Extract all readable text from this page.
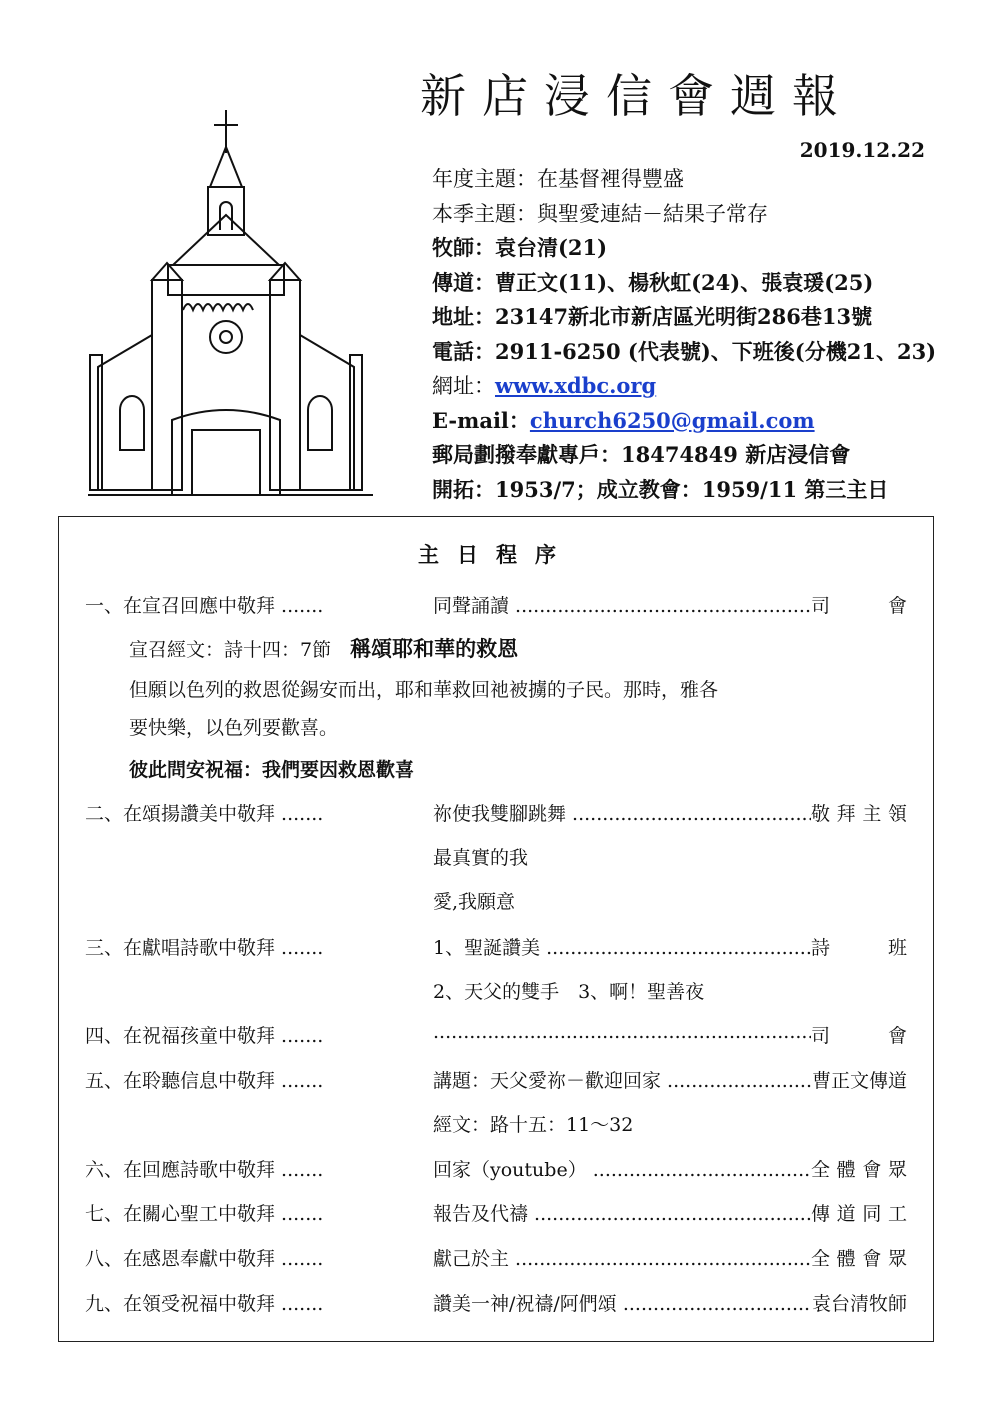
新店浸信會週報
2019.12.22
年度主題：在基督裡得豐盛
本季主題：與聖愛連結－結果子常存
牧師：袁台清(21)
傳道：曹正文(11)、楊秋虹(24)、張袁瑗(25)
地址：23147新北市新店區光明街286巷13號
電話：2911-6250 (代表號)、下班後(分機21、23)
網址：www.xdbc.org
E-mail：church6250@gmail.com
郵局劃撥奉獻專戶：18474849 新店浸信會
開拓：1953/7；成立教會：1959/11 第三主日
主日程序
一、在宣召回應中敬拜 .....	同聲誦讀 .....	司　會
宣召經文：詩十四：7節　 稱頌耶和華的救恩
但願以色列的救恩從錫安而出，耶和華救回祂被擄的子民。那時，雅各
要快樂，以色列要歡喜。
彼此問安祝福：我們要因救恩歡喜
二、在頌揚讚美中敬拜 .....	祢使我雙腳跳舞 .....	敬拜主領
最真實的我
愛,我願意
三、在獻唱詩歌中敬拜 .....	1、聖誕讚美 .....	詩　班
2、天父的雙手　3、啊！聖善夜
四、在祝福孩童中敬拜 .....
.....	司　會
五、在聆聽信息中敬拜 .....	講題：天父愛祢－歡迎回家 .....	曹正文傳道
經文：路十五：11～32
六、在回應詩歌中敬拜 .....	回家（youtube） .....	全體會眾
七、在關心聖工中敬拜 .....	報告及代禱 .....	傳道同工
八、在感恩奉獻中敬拜 .....	獻己於主 .....	全體會眾
九、在領受祝福中敬拜 .....	讚美一神/祝禱/阿們頌 .....	袁台清牧師
